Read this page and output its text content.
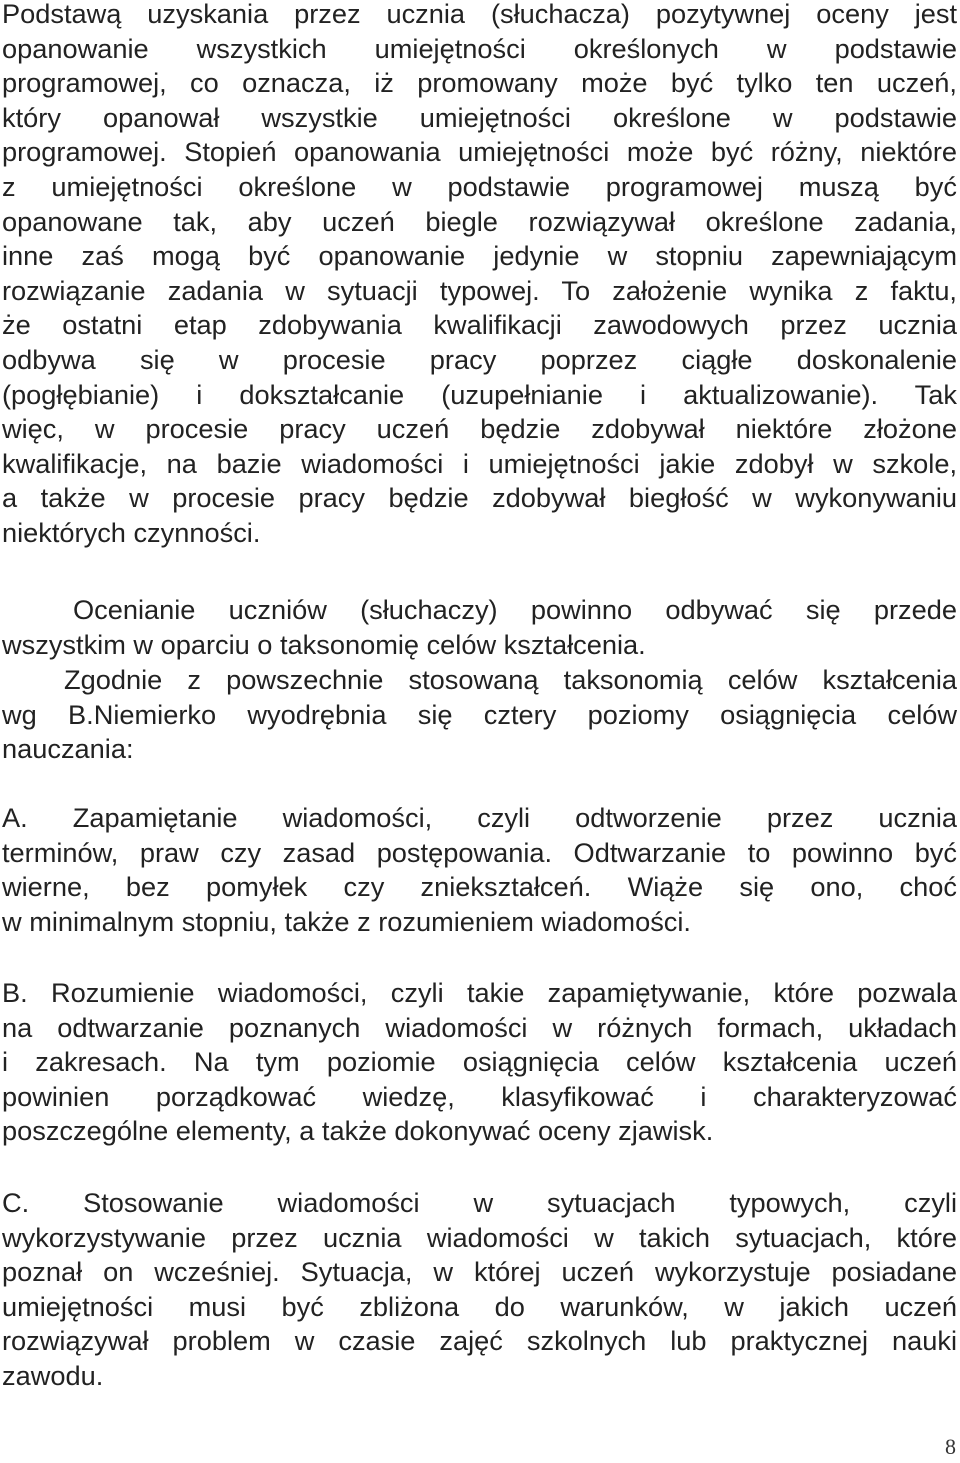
Podstawą uzyskania przez ucznia (słuchacza) pozytywnej oceny jest
opanowanie wszystkich umiejętności określonych w podstawie
programowej, co oznacza, iż promowany może być tylko ten uczeń,
który opanował wszystkie umiejętności określone w podstawie
programowej. Stopień opanowania umiejętności może być różny, niektóre
z umiejętności określone w podstawie programowej muszą być
opanowane tak, aby uczeń biegle rozwiązywał określone zadania,
inne zaś mogą być opanowanie jedynie w stopniu zapewniającym
rozwiązanie zadania w sytuacji typowej. To założenie wynika z faktu,
że ostatni etap zdobywania kwalifikacji zawodowych przez ucznia
odbywa się w procesie pracy poprzez ciągłe doskonalenie
(pogłębianie) i dokształcanie (uzupełnianie i aktualizowanie). Tak
więc, w procesie pracy uczeń będzie zdobywał niektóre złożone
kwalifikacje, na bazie wiadomości i umiejętności jakie zdobył w szkole,
a także w procesie pracy będzie zdobywał biegłość w wykonywaniu
niektórych czynności.
Ocenianie uczniów (słuchaczy) powinno odbywać się przede
wszystkim w oparciu o taksonomię celów kształcenia.
Zgodnie z powszechnie stosowaną taksonomią celów kształcenia
wg B.Niemierko wyodrębnia się cztery poziomy osiągnięcia celów
nauczania:
A. Zapamiętanie wiadomości, czyli odtworzenie przez ucznia
terminów, praw czy zasad postępowania. Odtwarzanie to powinno być
wierne, bez pomyłek czy zniekształceń. Wiąże się ono, choć
w minimalnym stopniu, także z rozumieniem wiadomości.
B. Rozumienie wiadomości, czyli takie zapamiętywanie, które pozwala
na odtwarzanie poznanych wiadomości w różnych formach, układach
i zakresach. Na tym poziomie osiągnięcia celów kształcenia uczeń
powinien porządkować wiedzę, klasyfikować i charakteryzować
poszczególne elementy, a także dokonywać oceny zjawisk.
C. Stosowanie wiadomości w sytuacjach typowych, czyli
wykorzystywanie przez ucznia wiadomości w takich sytuacjach, które
poznał on wcześniej. Sytuacja, w której uczeń wykorzystuje posiadane
umiejętności musi być zbliżona do warunków, w jakich uczeń
rozwiązywał problem w czasie zajęć szkolnych lub praktycznej nauki
zawodu.
8
